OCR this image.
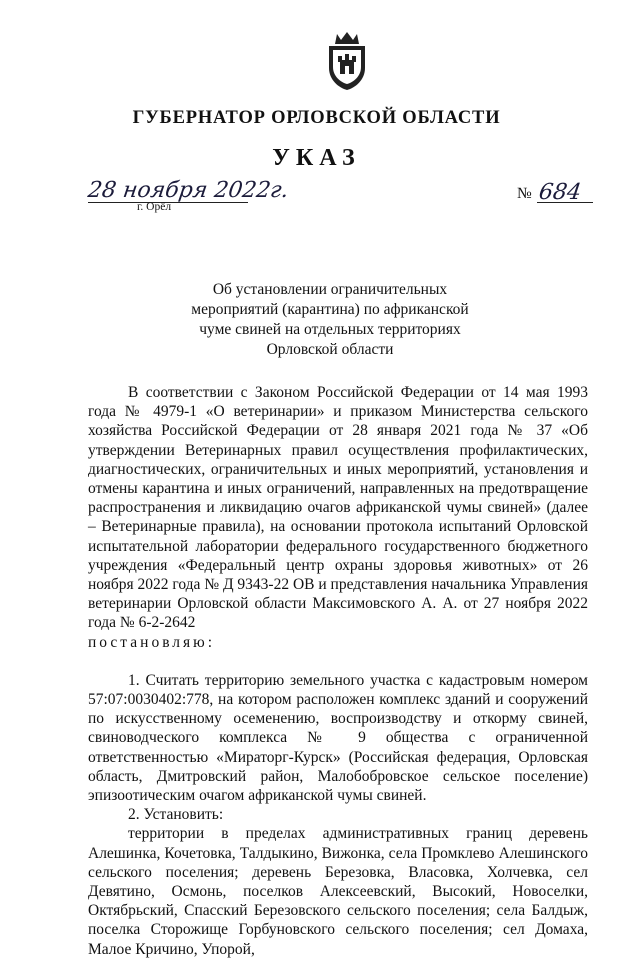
ГУБЕРНАТОР ОРЛОВСКОЙ ОБЛАСТИ
УКАЗ
28 ноября 2022г.
г. Орёл
№ 684
Об установлении ограничительных мероприятий (карантина) по африканской чуме свиней на отдельных территориях Орловской области

В соответствии с Законом Российской Федерации от 14 мая 1993 года № 4979-1 «О ветеринарии» и приказом Министерства сельского хозяйства Российской Федерации от 28 января 2021 года № 37 «Об утверждении Ветеринарных правил осуществления профилактических, диагностических, ограничительных и иных мероприятий, установления и отмены карантина и иных ограничений, направленных на предотвращение распространения и ликвидацию очагов африканской чумы свиней» (далее – Ветеринарные правила), на основании протокола испытаний Орловской испытательной лаборатории федерального государственного бюджетного учреждения «Федеральный центр охраны здоровья животных» от 26 ноября 2022 года № Д 9343-22 ОВ и представления начальника Управления ветеринарии Орловской области Максимовского А. А. от 27 ноября 2022 года № 6-2-2642

постановляю:

1. Считать территорию земельного участка с кадастровым номером 57:07:0030402:778, на котором расположен комплекс зданий и сооружений по искусственному осеменению, воспроизводству и откорму свиней, свиноводческого комплекса № 9 общества с ограниченной ответственностью «Мираторг-Курск» (Российская федерация, Орловская область, Дмитровский район, Малобобровское сельское поселение) эпизоотическим очагом африканской чумы свиней.

2. Установить:

территории в пределах административных границ деревень Алешинка, Кочетовка, Талдыкино, Вижонка, села Промклево Алешинского сельского поселения; деревень Березовка, Власовка, Холчевка, сел Девятино, Осмонь, поселков Алексеевский, Высокий, Новоселки, Октябрьский, Спасский Березовского сельского поселения; села Балдыж, поселка Сторожище Горбуновского сельского поселения; сел Домаха, Малое Кричино, Упорой,
